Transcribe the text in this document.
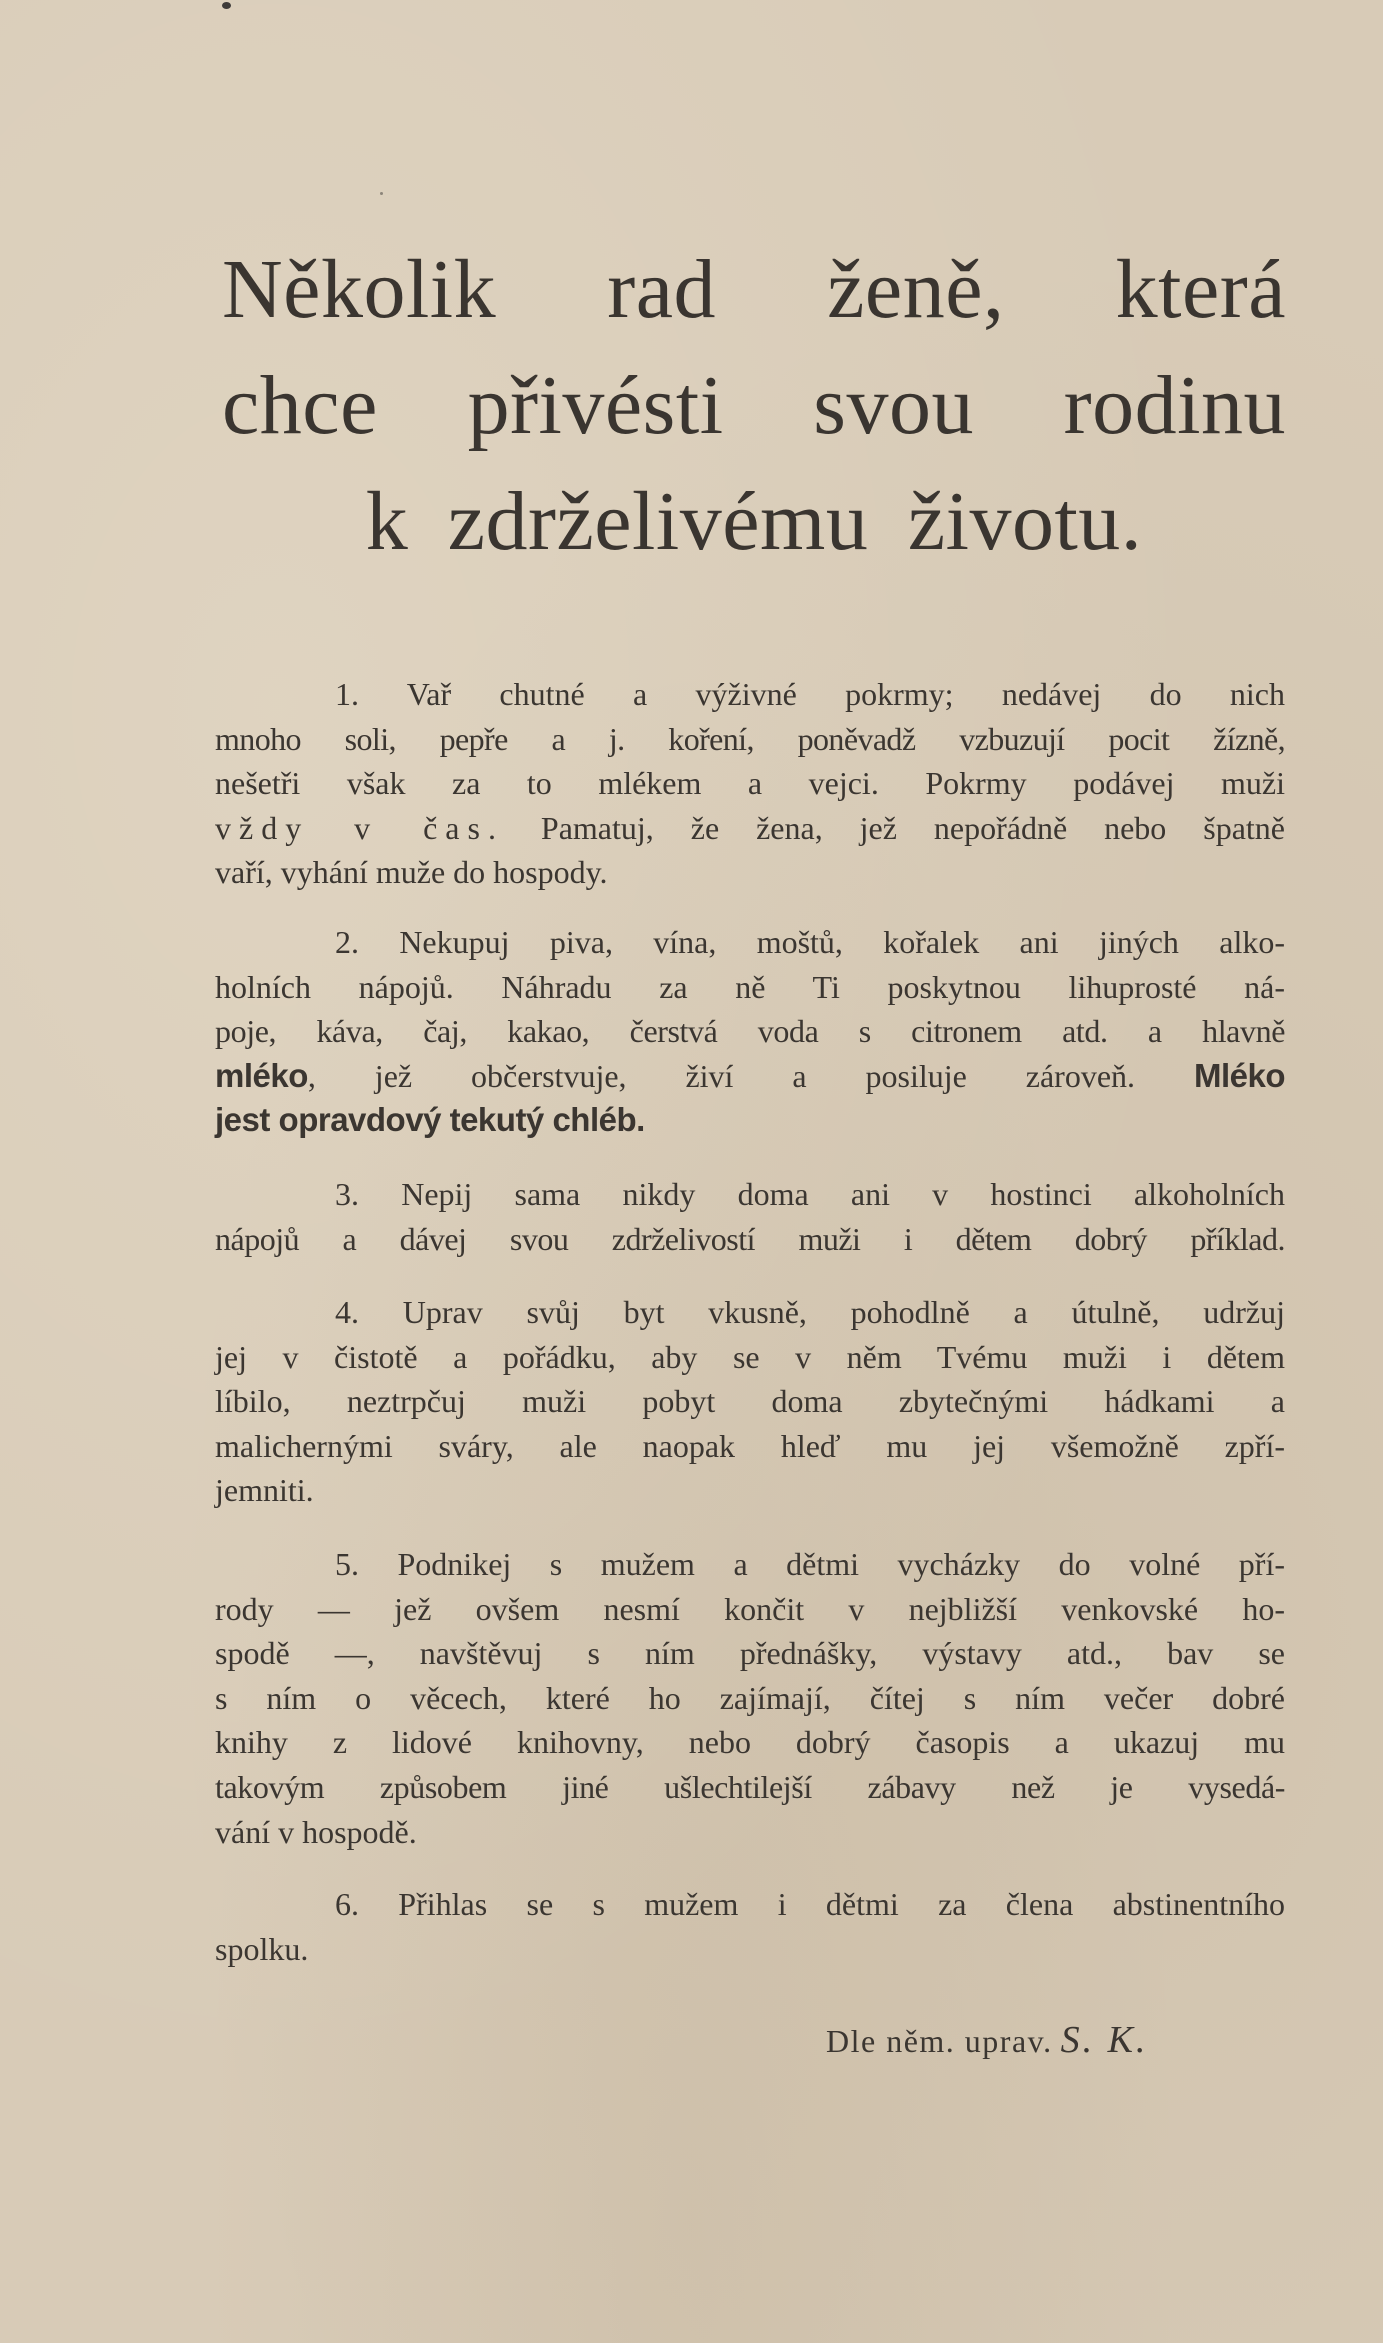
Několik rad ženě, která
chce přivésti svou rodinu
k zdrželivému životu.
1. Vař chutné a výživné pokrmy; nedávej do nich
mnoho soli, pepře a j. koření, poněvadž vzbuzují pocit žízně,
nešetři však za to mlékem a vejci. Pokrmy podávej muži
vždy v čas. Pamatuj, že žena, jež nepořádně nebo špatně
vaří, vyhání muže do hospody.
2. Nekupuj piva, vína, moštů, kořalek ani jiných alko-
holních nápojů. Náhradu za ně Ti poskytnou lihuprosté ná-
poje, káva, čaj, kakao, čerstvá voda s citronem atd. a hlavně
mléko, jež občerstvuje, živí a posiluje zároveň. Mléko
jest opravdový tekutý chléb.
3. Nepij sama nikdy doma ani v hostinci alkoholních
nápojů a dávej svou zdrželivostí muži i dětem dobrý příklad.
4. Uprav svůj byt vkusně, pohodlně a útulně, udržuj
jej v čistotě a pořádku, aby se v něm Tvému muži i dětem
líbilo, neztrpčuj muži pobyt doma zbytečnými hádkami a
malichernými sváry, ale naopak hleď mu jej všemožně zpří-
jemniti.
5. Podnikej s mužem a dětmi vycházky do volné pří-
rody — jež ovšem nesmí končit v nejbližší venkovské ho-
spodě —, navštěvuj s ním přednášky, výstavy atd., bav se
s ním o věcech, které ho zajímají, čítej s ním večer dobré
knihy z lidové knihovny, nebo dobrý časopis a ukazuj mu
takovým způsobem jiné ušlechtilejší zábavy než je vysedá-
vání v hospodě.
6. Přihlas se s mužem i dětmi za člena abstinentního
spolku.
Dle něm. uprav. S. K.
